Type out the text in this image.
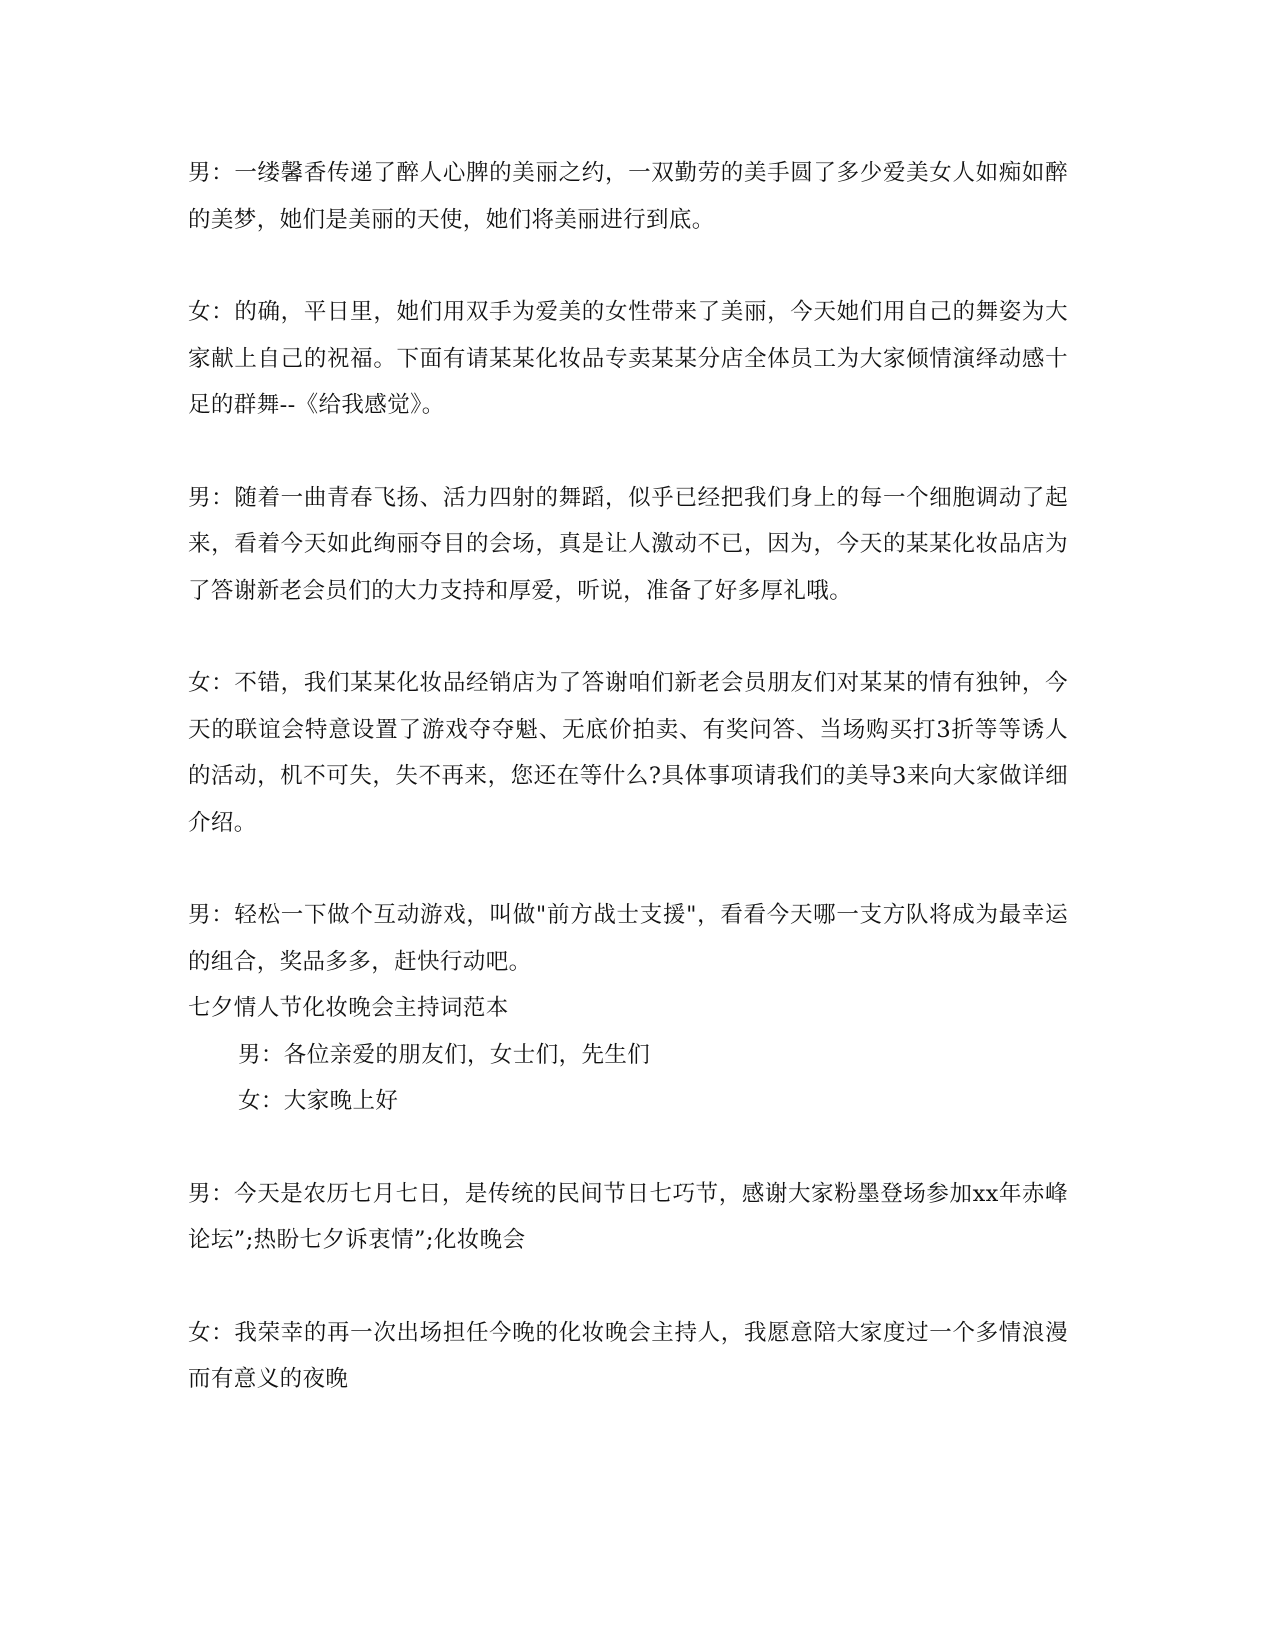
男：一缕馨香传递了醉人心脾的美丽之约，一双勤劳的美手圆了多少爱美女人如痴如醉的美梦，她们是美丽的天使，她们将美丽进行到底。

女：的确，平日里，她们用双手为爱美的女性带来了美丽，今天她们用自己的舞姿为大家献上自己的祝福。下面有请某某化妆品专卖某某分店全体员工为大家倾情演绎动感十足的群舞--《给我感觉》。

男：随着一曲青春飞扬、活力四射的舞蹈，似乎已经把我们身上的每一个细胞调动了起来，看着今天如此绚丽夺目的会场，真是让人激动不已，因为，今天的某某化妆品店为了答谢新老会员们的大力支持和厚爱，听说，准备了好多厚礼哦。

女：不错，我们某某化妆品经销店为了答谢咱们新老会员朋友们对某某的情有独钟，今天的联谊会特意设置了游戏夺夺魁、无底价拍卖、有奖问答、当场购买打3折等等诱人的活动，机不可失，失不再来，您还在等什么?具体事项请我们的美导3来向大家做详细介绍。

男：轻松一下做个互动游戏，叫做"前方战士支援"，看看今天哪一支方队将成为最幸运的组合，奖品多多，赶快行动吧。

七夕情人节化妆晚会主持词范本

男：各位亲爱的朋友们，女士们，先生们

女：大家晚上好

男：今天是农历七月七日，是传统的民间节日七巧节，感谢大家粉墨登场参加xx年赤峰论坛”;热盼七夕诉衷情”;化妆晚会

女：我荣幸的再一次出场担任今晚的化妆晚会主持人，我愿意陪大家度过一个多情浪漫而有意义的夜晚
